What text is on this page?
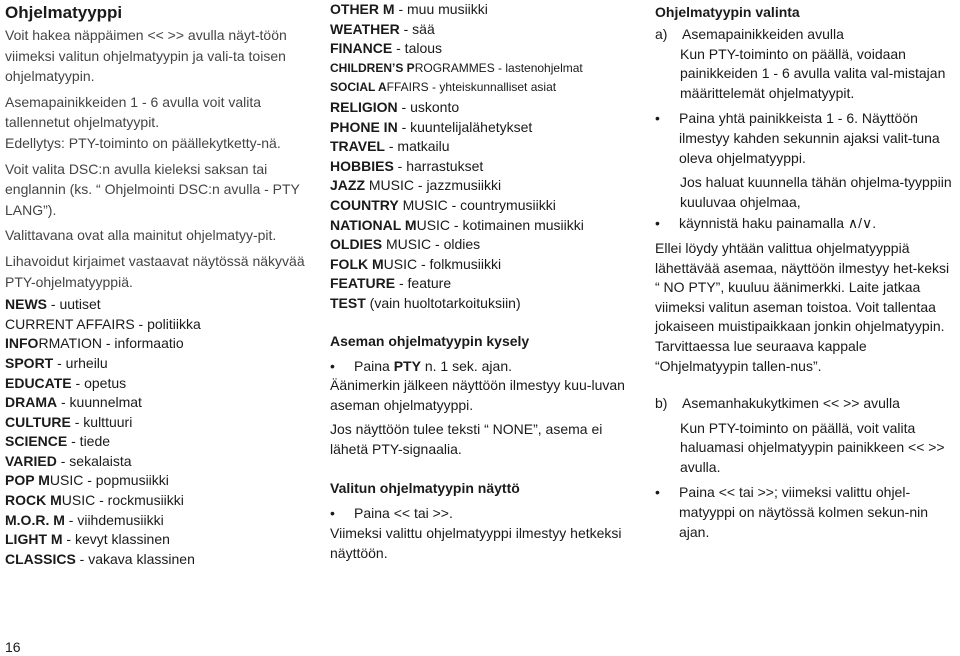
Ohjelmatyyppi

Voit hakea näppäimen << >> avulla näyt-töön viimeksi valitun ohjelmatyypin ja vali-ta toisen ohjelmatyypin.

Asemapainikkeiden 1 - 6 avulla voit valita tallennetut ohjelmatyypit.

Edellytys: PTY-toiminto on päällekytketty-nä.

Voit valita DSC:n avulla kieleksi saksan tai englannin (ks. “ Ohjelmointi DSC:n avulla - PTY LANG”).

Valittavana ovat alla mainitut ohjelmatyy-pit.

Lihavoidut kirjaimet vastaavat näytössä näkyvää PTY-ohjelmatyyppiä.

NEWS - uutiset
CURRENT AFFAIRS - politiikka
INFORMATION - informaatio
SPORT - urheilu
EDUCATE - opetus
DRAMA - kuunnelmat
CULTURE - kulttuuri
SCIENCE - tiede
VARIED - sekalaista
POP MUSIC - popmusiikki
ROCK MUSIC - rockmusiikki
M.O.R. M - viihdemusiikki
LIGHT M - kevyt klassinen
CLASSICS - vakava klassinen
OTHER M - muu musiikki
WEATHER - sää
FINANCE - talous
CHILDREN’S PROGRAMMES - lastenohjelmat
SOCIAL AFFAIRS - yhteiskunnalliset asiat
RELIGION - uskonto
PHONE IN - kuuntelijalähetykset
TRAVEL - matkailu
HOBBIES - harrastukset
JAZZ MUSIC - jazzmusiikki
COUNTRY MUSIC - countrymusiikki
NATIONAL MUSIC - kotimainen musiikki
OLDIES MUSIC - oldies
FOLK MUSIC - folkmusiikki
FEATURE - feature
TEST (vain huoltotarkoituksiin)
Aseman ohjelmatyypin kysely
•	Paina PTY n. 1 sek. ajan.

Äänimerkin jälkeen näyttöön ilmestyy kuu-luvan aseman ohjelmatyyppi.

Jos näyttöön tulee teksti “ NONE”, asema ei lähetä PTY-signaalia.

Valitun ohjelmatyypin näyttö
•	Paina << tai >>.

Viimeksi valittu ohjelmatyyppi ilmestyy hetkeksi näyttöön.

Ohjelmatyypin valinta
a)	Asemapainikkeiden avulla

Kun PTY-toiminto on päällä, voidaan painikkeiden 1 - 6 avulla valita val-mistajan määrittelemät ohjelmatyypit.

•	Paina yhtä painikkeista 1 - 6. Näyttöön ilmestyy kahden sekunnin ajaksi valit-tuna oleva ohjelmatyyppi.

Jos haluat kuunnella tähän ohjelma-tyyppiin kuuluvaa ohjelmaa,

•	käynnistä haku painamalla ∧/∨.

Ellei löydy yhtään valittua ohjelmatyyppiä lähettävää asemaa, näyttöön ilmestyy het-keksi “ NO PTY”, kuuluu äänimerkki. Laite jatkaa viimeksi valitun aseman toistoa. Voit tallentaa jokaiseen muistipaikkaan jonkin ohjelmatyypin. Tarvittaessa lue seuraava kappale “Ohjelmatyypin tallen-nus”.

b)	Asemanhakukytkimen << >> avulla

Kun PTY-toiminto on päällä, voit valita haluamasi ohjelmatyypin painikkeen << >> avulla.

•	Paina << tai >>; viimeksi valittu ohjel-matyyppi on näytössä kolmen sekun-nin ajan.
16
